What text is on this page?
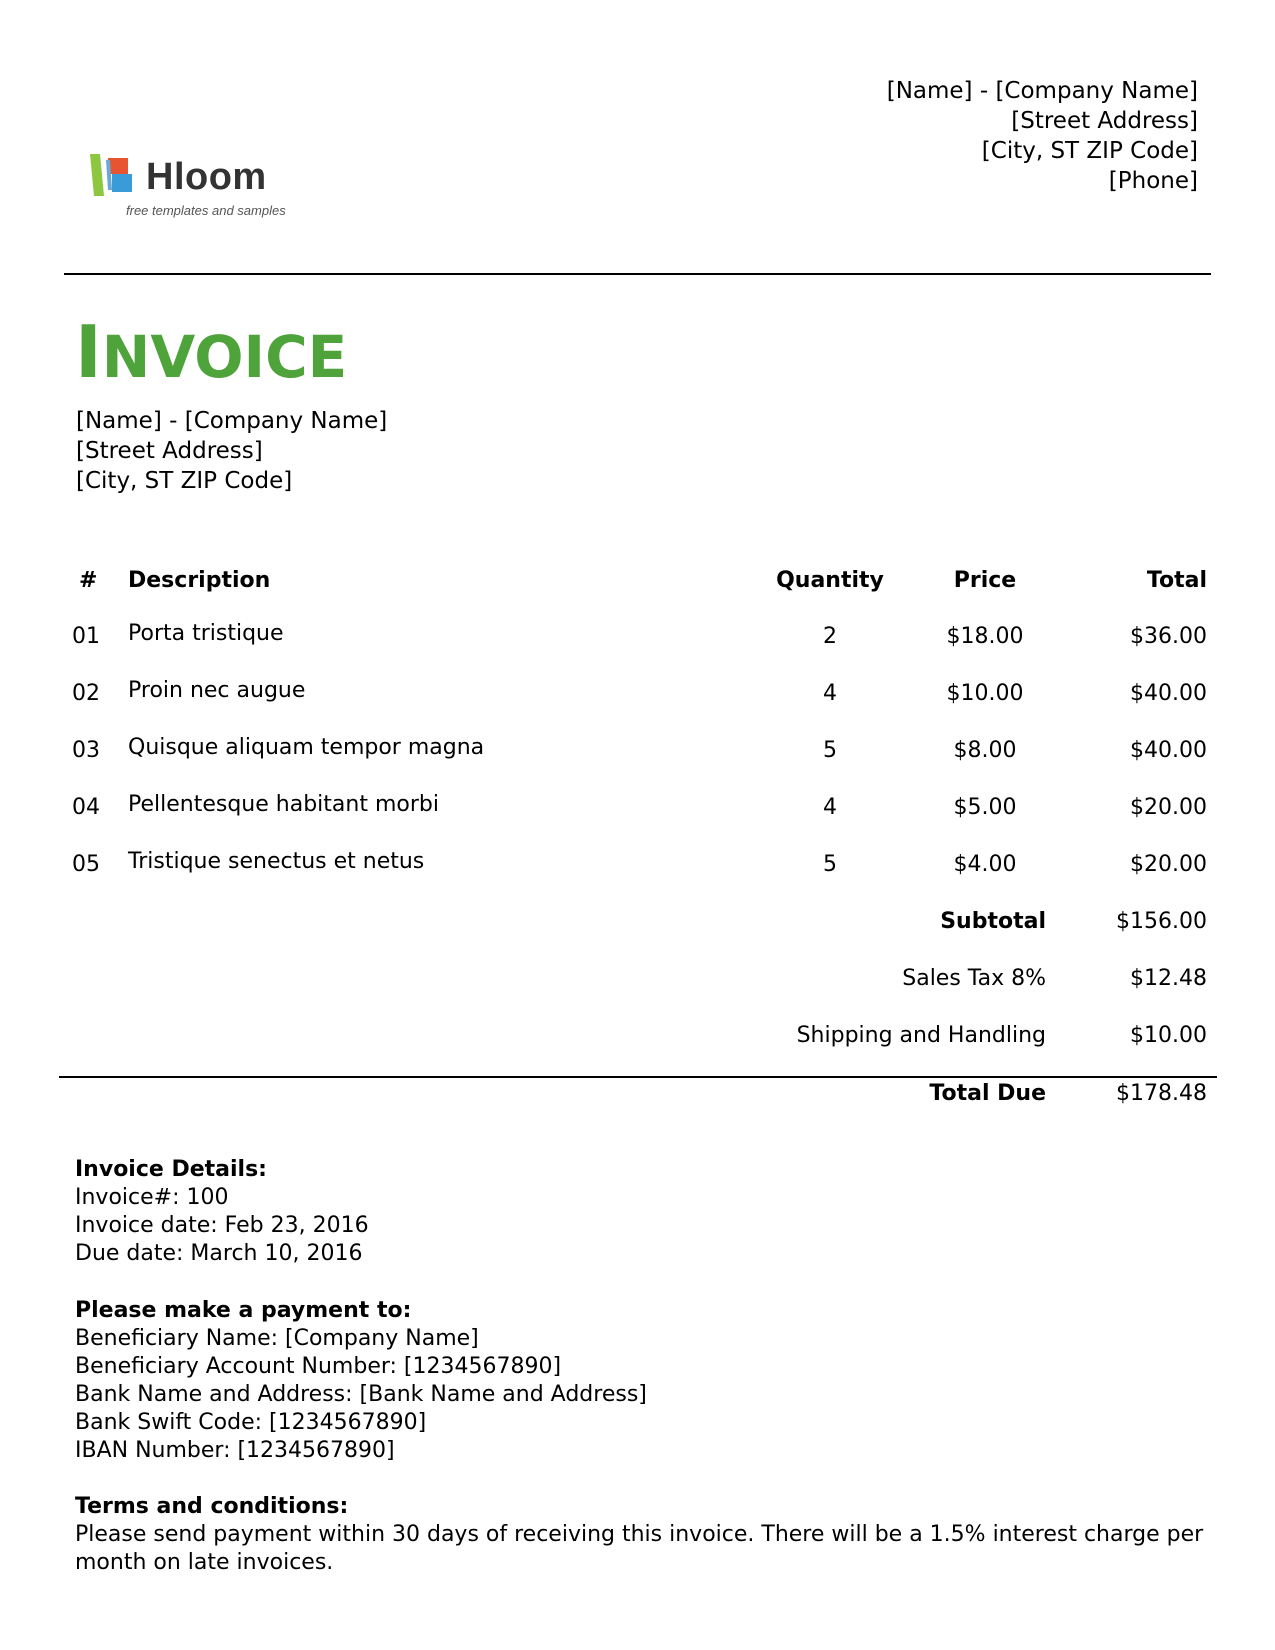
Hloom
free templates and samples
[Name] - [Company Name]
[Street Address]
[City, ST ZIP Code]
[Phone]
INVOICE
[Name] - [Company Name]
[Street Address]
[City, ST ZIP Code]
#	Description	Quantity	Price	Total
01	Porta tristique	2	$18.00	$36.00
02	Proin nec augue	4	$10.00	$40.00
03	Quisque aliquam tempor magna	5	$8.00	$40.00
04	Pellentesque habitant morbi	4	$5.00	$20.00
05	Tristique senectus et netus	5	$4.00	$20.00
Subtotal	$156.00
Sales Tax 8%	$12.48
Shipping and Handling	$10.00
Total Due	$178.48
Invoice Details:
Invoice#: 100
Invoice date: Feb 23, 2016
Due date: March 10, 2016
Please make a payment to:
Beneficiary Name: [Company Name]
Beneficiary Account Number: [1234567890]
Bank Name and Address: [Bank Name and Address]
Bank Swift Code: [1234567890]
IBAN Number: [1234567890]
Terms and conditions:
Please send payment within 30 days of receiving this invoice. There will be a 1.5% interest charge per month on late invoices.
